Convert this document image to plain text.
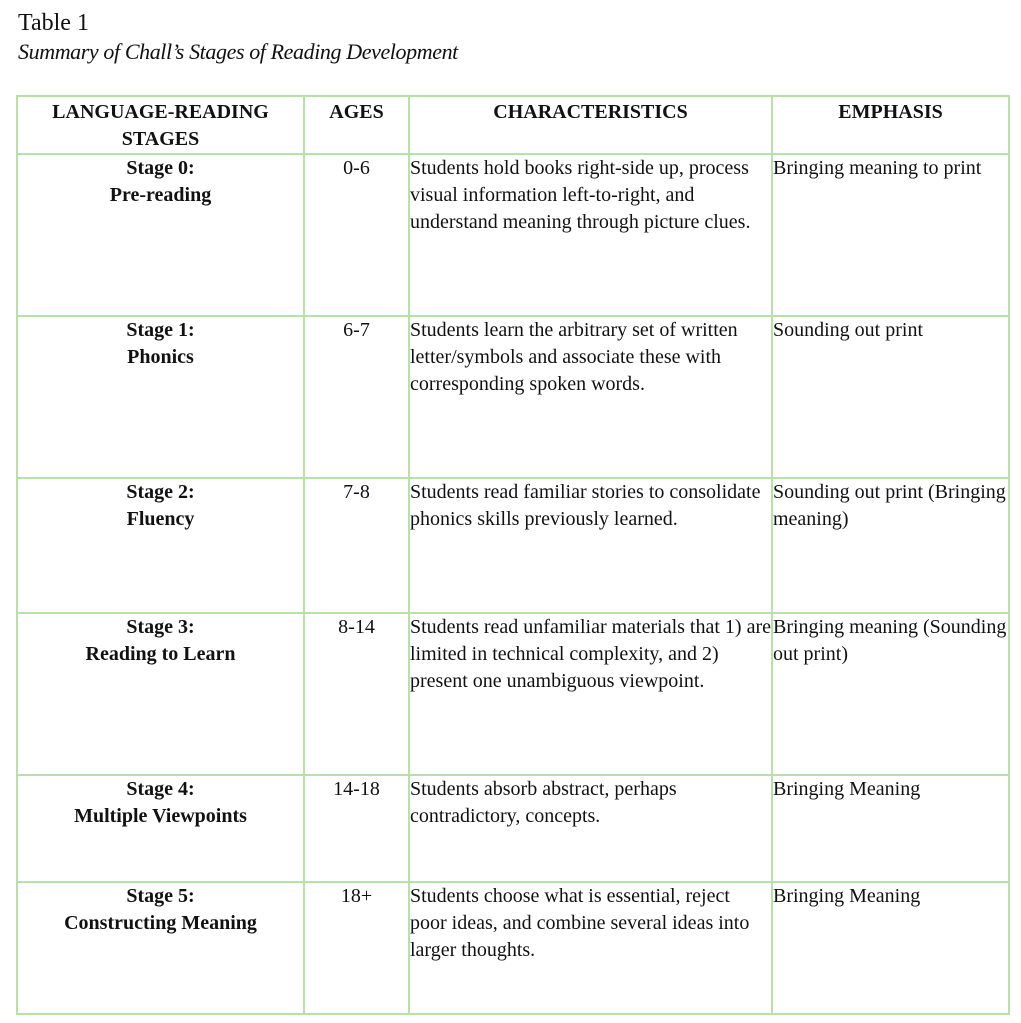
Table 1
Summary of Chall’s Stages of Reading Development
LANGUAGE-READING
STAGES	AGES	CHARACTERISTICS	EMPHASIS

Stage 0:
Pre-reading	0-6	Students hold books right-side up, process visual information left-to-right, and understand meaning through picture clues.	Bringing meaning to print

Stage 1:
Phonics	6-7	Students learn the arbitrary set of written letter/symbols and associate these with corresponding spoken words.	Sounding out print

Stage 2:
Fluency	7-8	Students read familiar stories to consolidate phonics skills previously learned.	Sounding out print (Bringing meaning)

Stage 3:
Reading to Learn	8-14	Students read unfamiliar materials that 1) are limited in technical complexity, and 2) present one unambiguous viewpoint.	Bringing meaning (Sounding out print)

Stage 4:
Multiple Viewpoints	14-18	Students absorb abstract, perhaps contradictory, concepts.	Bringing Meaning

Stage 5:
Constructing Meaning	18+	Students choose what is essential, reject poor ideas, and combine several ideas into larger thoughts.	Bringing Meaning
